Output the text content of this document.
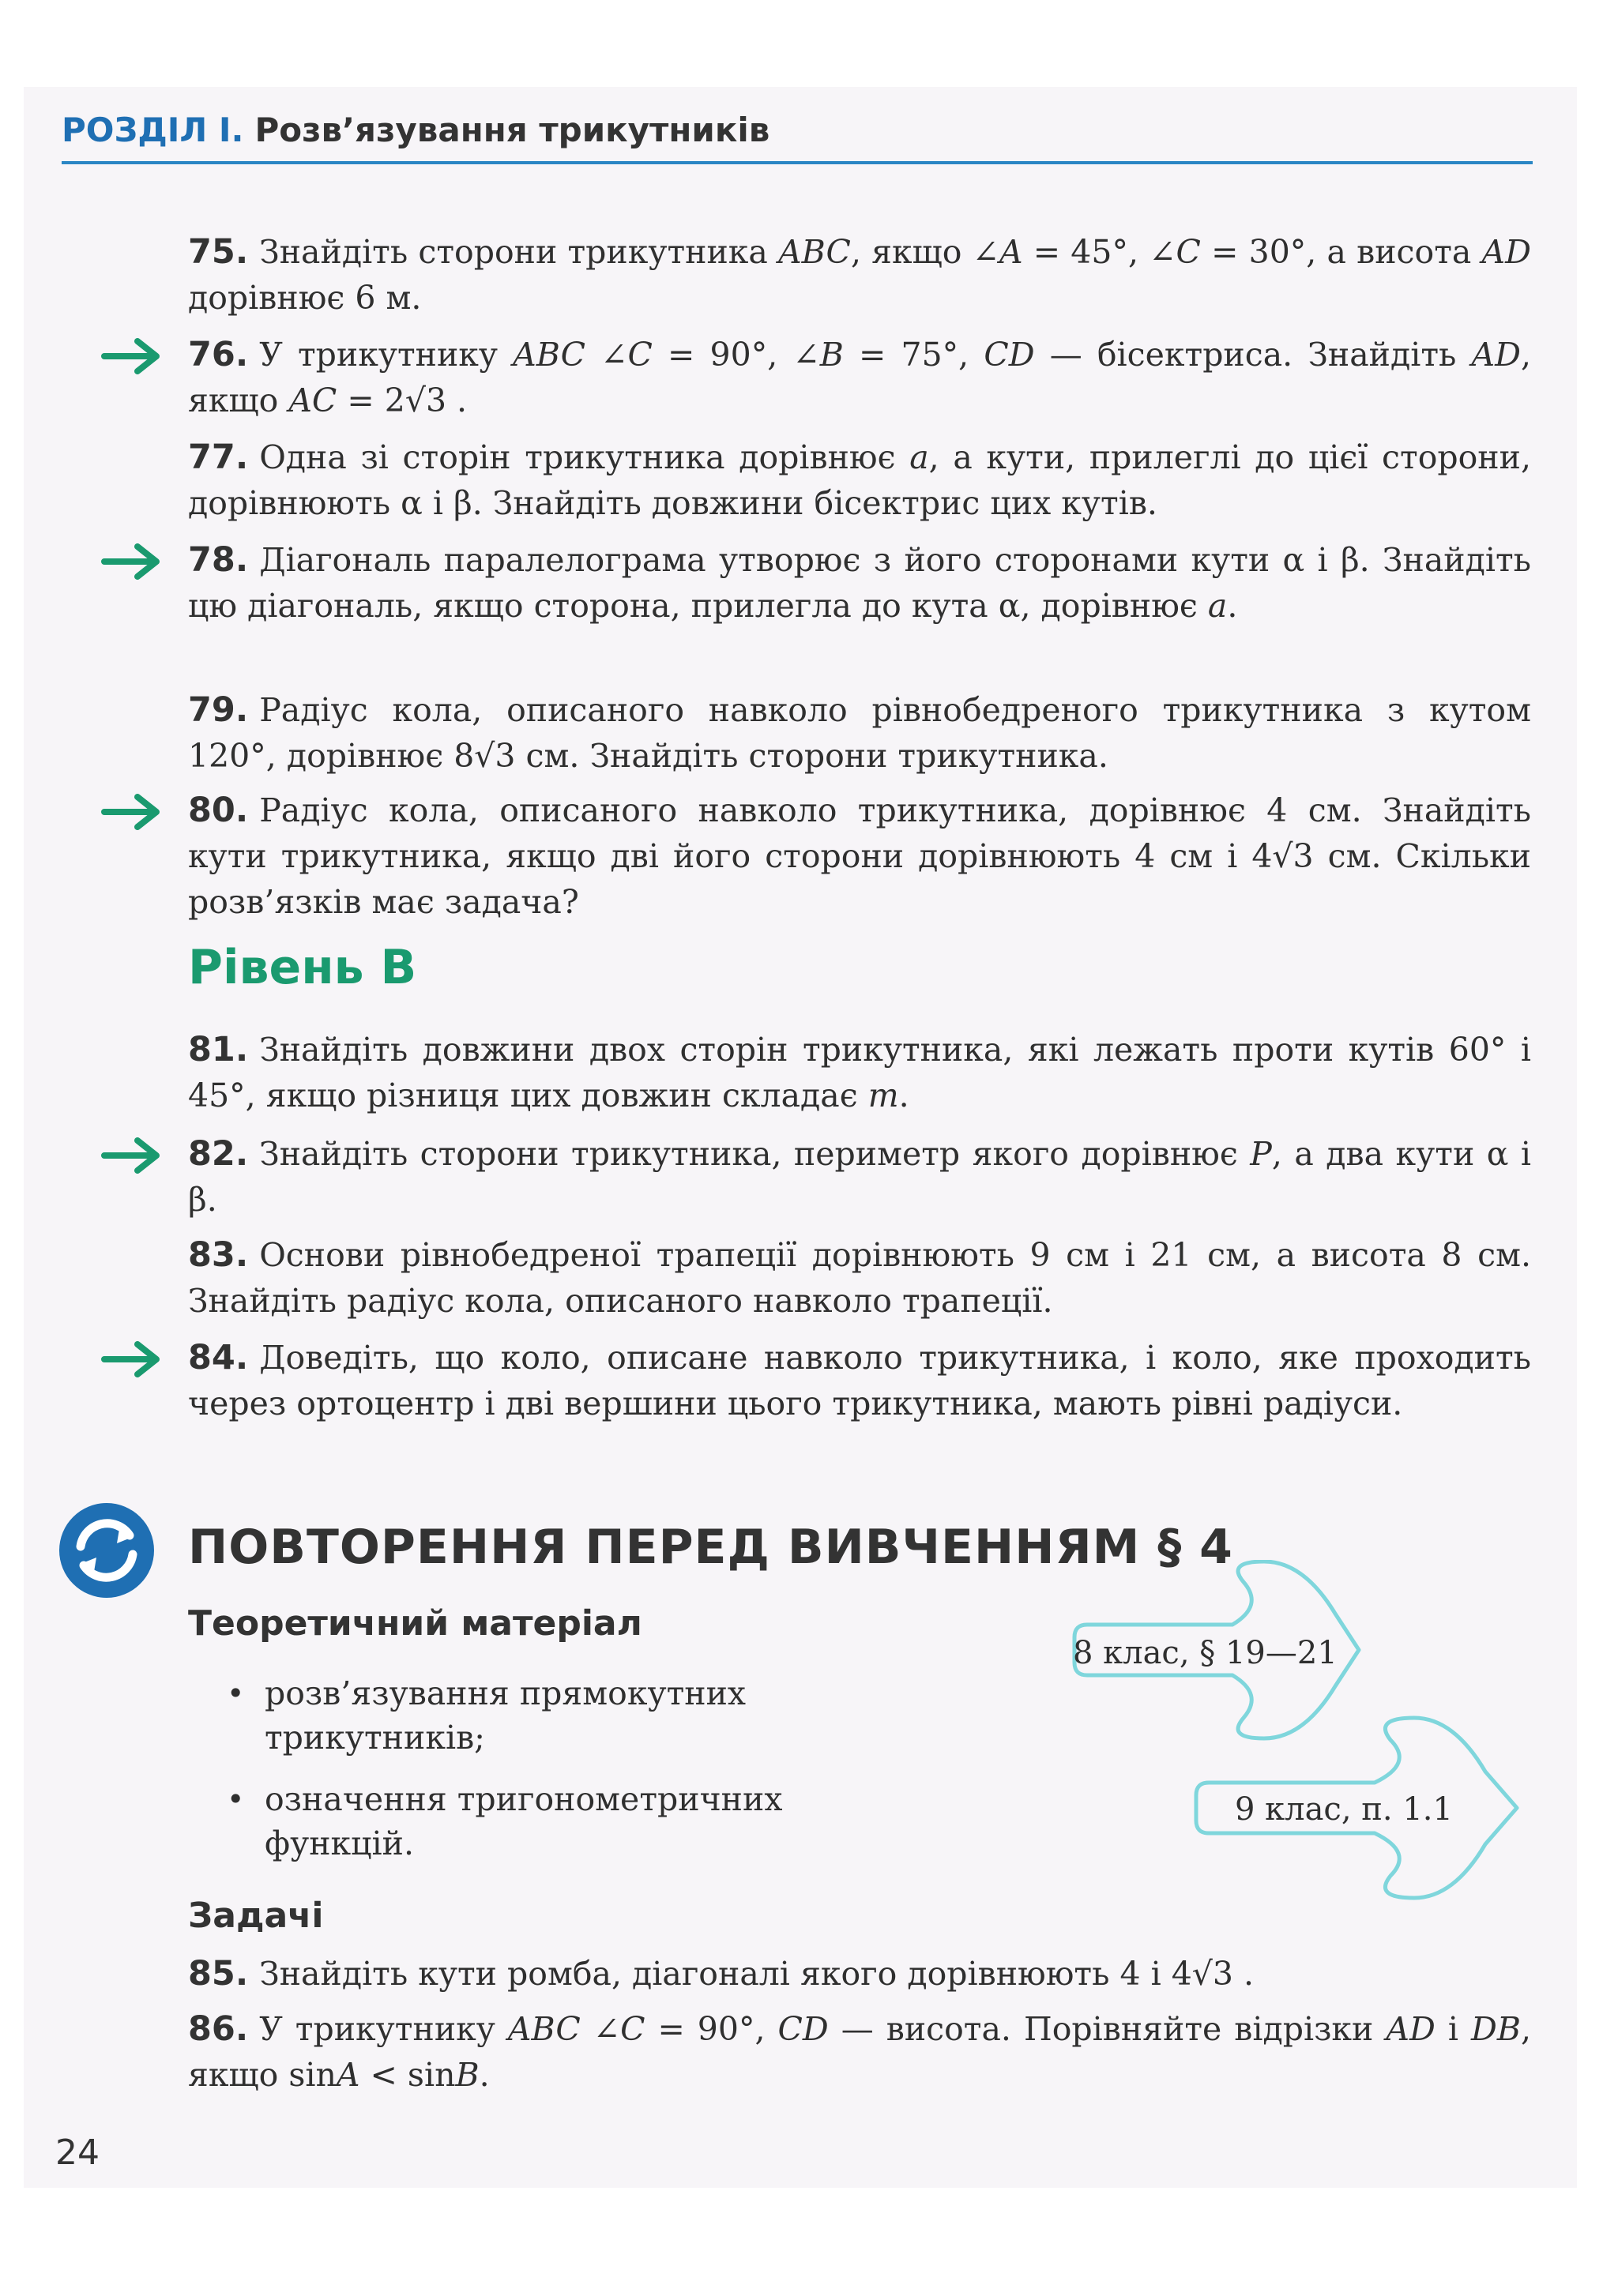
РОЗДІЛ І. Розв’язування трикутників
75. Знайдіть сторони трикутника ABC, якщо ∠A = 45°, ∠C = 30°, а висота AD дорівнює 6 м.
76. У трикутнику ABC ∠C = 90°, ∠B = 75°, CD — бісектриса. Знайдіть AD, якщо AC = 2√3 .
77. Одна зі сторін трикутника дорівнює a, а кути, прилеглі до цієї сторони, дорівнюють α і β. Знайдіть довжини бісектрис цих кутів.
78. Діагональ паралелограма утворює з його сторонами кути α і β. Знайдіть цю діагональ, якщо сторона, прилегла до кута α, дорівнює a.
79. Радіус кола, описаного навколо рівнобедреного трикутника з кутом 120°, дорівнює 8√3 см. Знайдіть сторони трикутника.
80. Радіус кола, описаного навколо трикутника, дорівнює 4 см. Знайдіть кути трикутника, якщо дві його сторони дорівнюють 4 см і 4√3 см. Скільки розв’язків має задача?
Рівень В
81. Знайдіть довжини двох сторін трикутника, які лежать проти кутів 60° і 45°, якщо різниця цих довжин складає m.
82. Знайдіть сторони трикутника, периметр якого дорівнює P, а два кути α і β.
83. Основи рівнобедреної трапеції дорівнюють 9 см і 21 см, а висота 8 см. Знайдіть радіус кола, описаного навколо трапеції.
84. Доведіть, що коло, описане навколо трикутника, і коло, яке проходить через ортоцентр і дві вершини цього трикутника, мають рівні радіуси.
ПОВТОРЕННЯ ПЕРЕД ВИВЧЕННЯМ § 4
Теоретичний матеріал
• розв’язування прямокутних трикутників;
• означення тригонометричних функцій.
8 клас, § 19—21
9 клас, п. 1.1
Задачі
85. Знайдіть кути ромба, діагоналі якого дорівнюють 4 і 4√3 .
86. У трикутнику ABC ∠C = 90°, CD — висота. Порівняйте відрізки AD і DB, якщо sinA < sinB.
24
